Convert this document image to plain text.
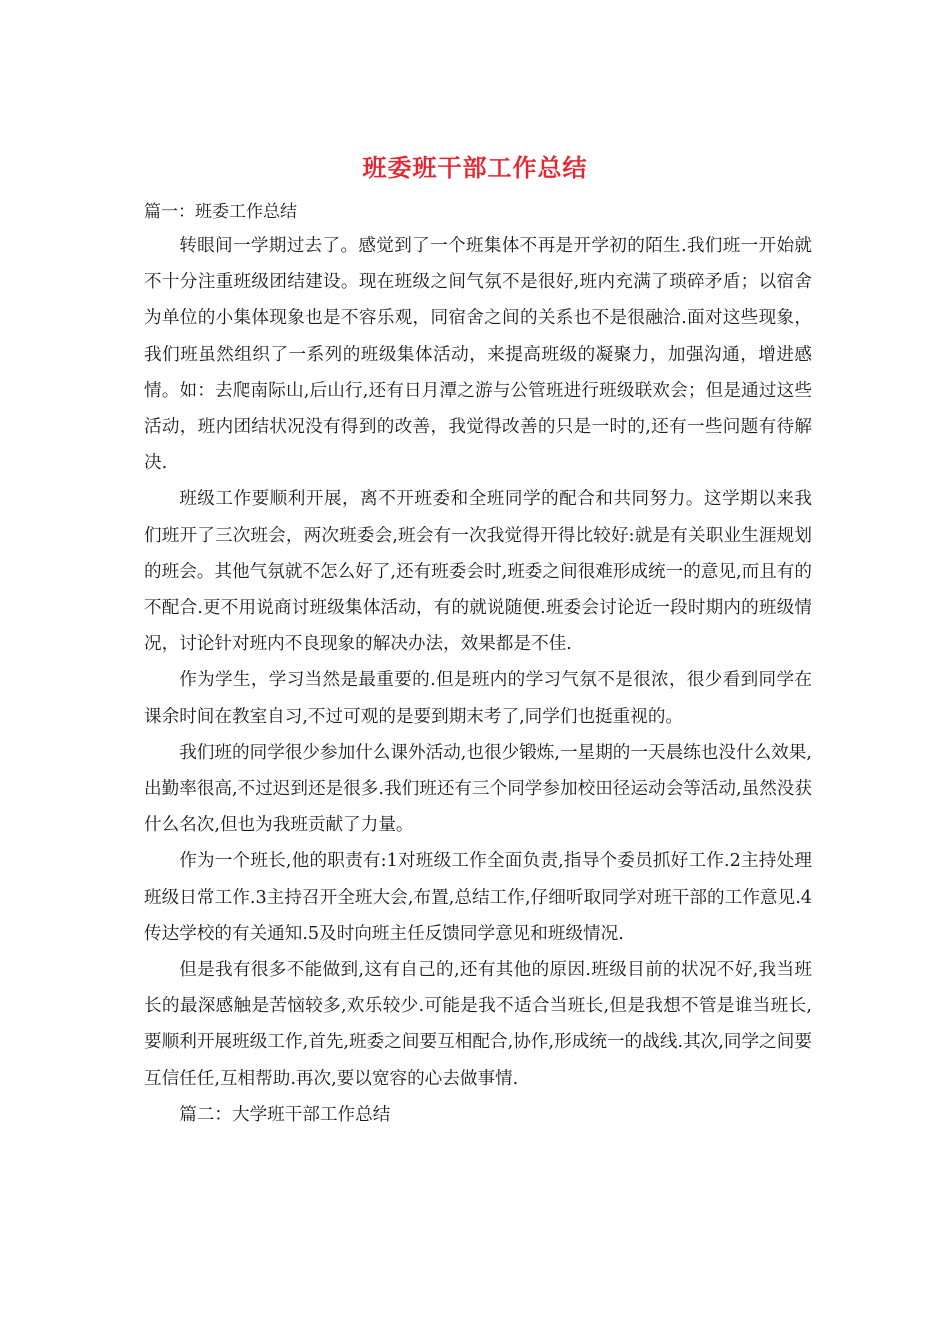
班委班干部工作总结
篇一：班委工作总结

转眼间一学期过去了。感觉到了一个班集体不再是开学初的陌生.我们班一开始就不十分注重班级团结建设。现在班级之间气氛不是很好,班内充满了琐碎矛盾；以宿舍为单位的小集体现象也是不容乐观，同宿舍之间的关系也不是很融洽.面对这些现象，我们班虽然组织了一系列的班级集体活动，来提高班级的凝聚力，加强沟通，增进感情。如：去爬南际山,后山行,还有日月潭之游与公管班进行班级联欢会；但是通过这些活动，班内团结状况没有得到的改善，我觉得改善的只是一时的,还有一些问题有待解决.

班级工作要顺利开展，离不开班委和全班同学的配合和共同努力。这学期以来我们班开了三次班会，两次班委会,班会有一次我觉得开得比较好:就是有关职业生涯规划的班会。其他气氛就不怎么好了,还有班委会时,班委之间很难形成统一的意见,而且有的不配合.更不用说商讨班级集体活动，有的就说随便.班委会讨论近一段时期内的班级情况，讨论针对班内不良现象的解决办法，效果都是不佳.

作为学生，学习当然是最重要的.但是班内的学习气氛不是很浓，很少看到同学在课余时间在教室自习,不过可观的是要到期末考了,同学们也挺重视的。

我们班的同学很少参加什么课外活动,也很少锻炼,一星期的一天晨练也没什么效果,出勤率很高,不过迟到还是很多.我们班还有三个同学参加校田径运动会等活动,虽然没获什么名次,但也为我班贡献了力量。

作为一个班长,他的职责有:1对班级工作全面负责,指导个委员抓好工作.2主持处理班级日常工作.3主持召开全班大会,布置,总结工作,仔细听取同学对班干部的工作意见.4传达学校的有关通知.5及时向班主任反馈同学意见和班级情况.

但是我有很多不能做到,这有自己的,还有其他的原因.班级目前的状况不好,我当班长的最深感触是苦恼较多,欢乐较少.可能是我不适合当班长,但是我想不管是谁当班长,要顺利开展班级工作,首先,班委之间要互相配合,协作,形成统一的战线.其次,同学之间要互信任任,互相帮助.再次,要以宽容的心去做事情.

篇二：大学班干部工作总结
